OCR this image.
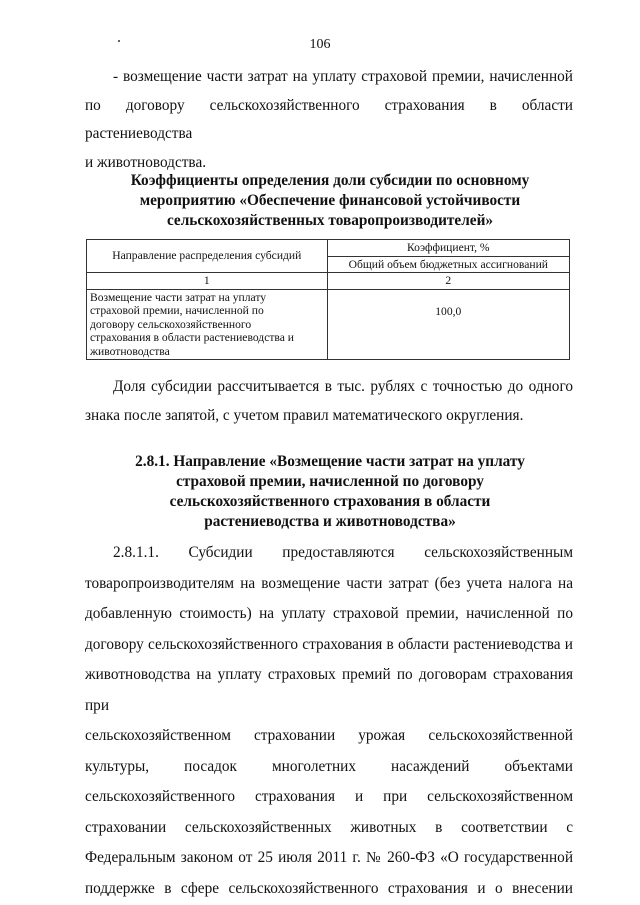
106
- возмещение части затрат на уплату страховой премии, начисленной
по договору сельскохозяйственного страхования в области растениеводства
и животноводства.
Коэффициенты определения доли субсидии по основному
мероприятию «Обеспечение финансовой устойчивости
сельскохозяйственных товаропроизводителей»
Направление распределения субсидий	Коэффициент, %
	Общий объем бюджетных ассигнований
1	2

Возмещение части затрат на уплату
страховой премии, начисленной по
договору сельскохозяйственного
страхования в области растениеводства и
животноводства	100,0
Доля субсидии рассчитывается в тыс. рублях с точностью до одного
знака после запятой, с учетом правил математического округления.
2.8.1. Направление «Возмещение части затрат на уплату
страховой премии, начисленной по договору
сельскохозяйственного страхования в области
растениеводства и животноводства»
2.8.1.1. Субсидии предоставляются сельскохозяйственным
товаропроизводителям на возмещение части затрат (без учета налога на
добавленную стоимость) на уплату страховой премии, начисленной по
договору сельскохозяйственного страхования в области растениеводства и
животноводства на уплату страховых премий по договорам страхования при
сельскохозяйственном страховании урожая сельскохозяйственной
культуры, посадок многолетних насаждений объектами
сельскохозяйственного страхования и при сельскохозяйственном
страховании сельскохозяйственных животных в соответствии с
Федеральным законом от 25 июля 2011 г. № 260-ФЗ «О государственной
поддержке в сфере сельскохозяйственного страхования и о внесении
